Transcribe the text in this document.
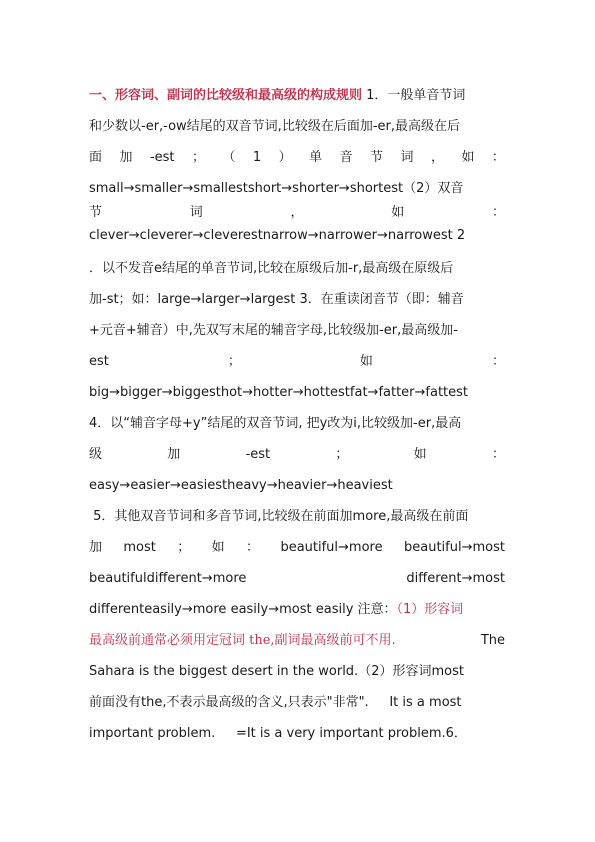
一、形容词、副词的比较级和最高级的构成规则 1．一般单音节词
和少数以-er,-ow结尾的双音节词,比较级在后面加-er,最高级在后
面 加 -est ； （ 1 ） 单 音 节 词 ， 如 ：
small→smaller→smallestshort→shorter→shortest（2）双音
节	词	，	如	：
clever→cleverer→cleverestnarrow→narrower→narrowest 2
．以不发音e结尾的单音节词,比较在原级后加-r,最高级在原级后
加-st；如：large→larger→largest 3．在重读闭音节（即：辅音
+元音+辅音）中,先双写末尾的辅音字母,比较级加-er,最高级加-
est	；	如	：
big→bigger→biggesthot→hotter→hottestfat→fatter→fattest
4．以“辅音字母+y”结尾的双音节词, 把y改为i,比较级加-er,最高
级	加	-est	；	如	：
easy→easier→easiestheavy→heavier→heaviest
5．其他双音节词和多音节词,比较级在前面加more,最高级在前面
加 most ； 如 ： beautiful→more beautiful→most
beautifuldifferent→more	different→most
differenteasily→more easily→most easily 注意：（1）形容词
最高级前通常必须用定冠词 the,副词最高级前可不用.	The
Sahara is the biggest desert in the world.（2）形容词most
前面没有the,不表示最高级的含义,只表示"非常".     It is a most
important problem.     =It is a very important problem.6．
